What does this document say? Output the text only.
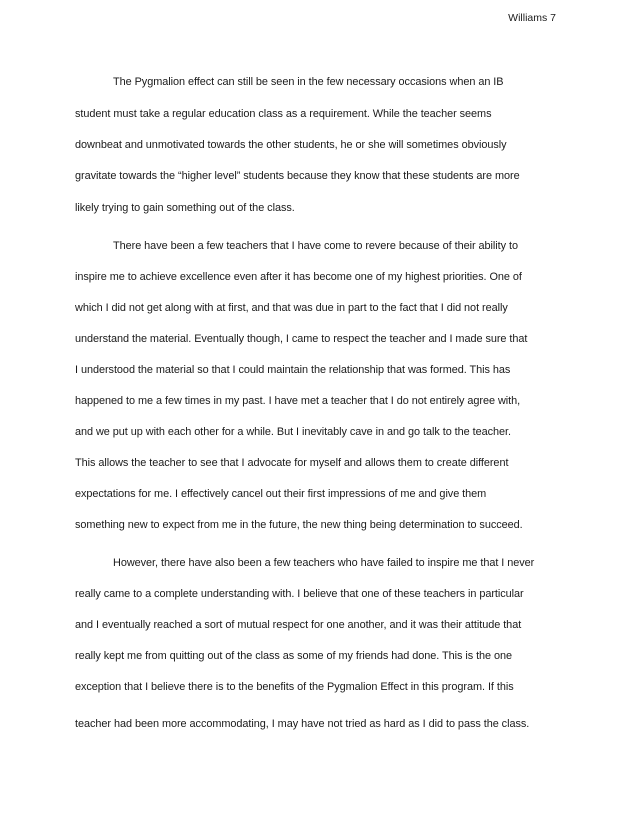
Williams 7
The Pygmalion effect can still be seen in the few necessary occasions when an IB
student must take a regular education class as a requirement. While the teacher seems
downbeat and unmotivated towards the other students, he or she will sometimes obviously
gravitate towards the “higher level” students because they know that these students are more
likely trying to gain something out of the class.
There have been a few teachers that I have come to revere because of their ability to
inspire me to achieve excellence even after it has become one of my highest priorities. One of
which I did not get along with at first, and that was due in part to the fact that I did not really
understand the material. Eventually though, I came to respect the teacher and I made sure that
I understood the material so that I could maintain the relationship that was formed. This has
happened to me a few times in my past. I have met a teacher that I do not entirely agree with,
and we put up with each other for a while. But I inevitably cave in and go talk to the teacher.
This allows the teacher to see that I advocate for myself and allows them to create different
expectations for me. I effectively cancel out their first impressions of me and give them
something new to expect from me in the future, the new thing being determination to succeed.
However, there have also been a few teachers who have failed to inspire me that I never
really came to a complete understanding with. I believe that one of these teachers in particular
and I eventually reached a sort of mutual respect for one another, and it was their attitude that
really kept me from quitting out of the class as some of my friends had done. This is the one
exception that I believe there is to the benefits of the Pygmalion Effect in this program. If this
teacher had been more accommodating, I may have not tried as hard as I did to pass the class.
